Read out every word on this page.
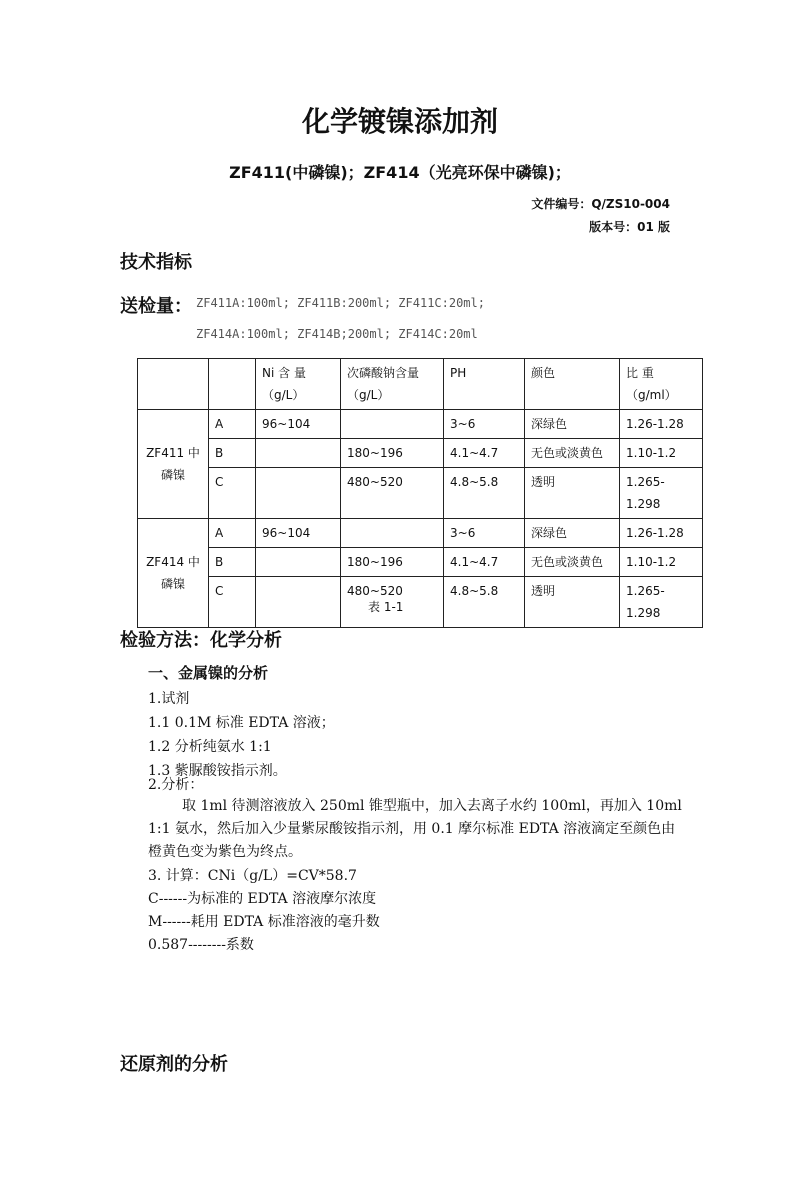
化学镀镍添加剂
ZF411(中磷镍)；ZF414（光亮环保中磷镍)；
文件编号：Q/ZS10-004
版本号：01 版
技术指标
送检量： ZF411A:100ml; ZF411B:200ml; ZF411C:20ml;
ZF414A:100ml; ZF414B;200ml; ZF414C:20ml
		Ni 含 量（g/L）	次磷酸钠含量（g/L）	PH	颜色	比 重（g/ml）
ZF411 中磷镍	A	96~104		3~6	深绿色	1.26-1.28
	B		180~196	4.1~4.7	无色或淡黄色	1.10-1.2
	C		480~520	4.8~5.8	透明	1.265-1.298
ZF414 中磷镍	A	96~104		3~6	深绿色	1.26-1.28
	B		180~196	4.1~4.7	无色或淡黄色	1.10-1.2
	C		480~520	4.8~5.8	透明	1.265-1.298
表 1-1
检验方法：化学分析
一、金属镍的分析
1.试剂
1.1 0.1M 标准 EDTA 溶液；
1.2 分析纯氨水 1:1
1.3 紫脲酸铵指示剂。
2.分析：
取 1ml 待测溶液放入 250ml 锥型瓶中，加入去离子水约 100ml，再加入 10ml 1:1 氨水，然后加入少量紫尿酸铵指示剂，用 0.1 摩尔标准 EDTA 溶液滴定至颜色由橙黄色变为紫色为终点。
3. 计算：CNi（g/L）=CV*58.7
C------为标准的 EDTA 溶液摩尔浓度
M------耗用 EDTA 标准溶液的毫升数
0.587--------系数
还原剂的分析
